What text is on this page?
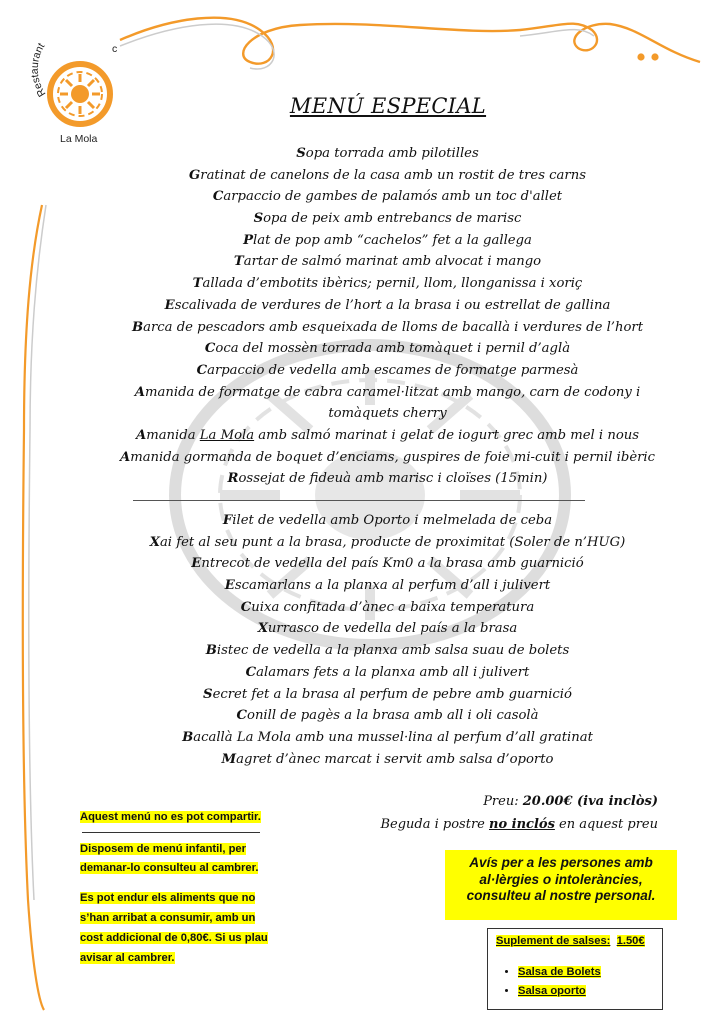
Restaurant	c
La Mola
MENÚ ESPECIAL
Sopa torrada amb pilotilles
Gratinat de canelons de la casa amb un rostit de tres carns
Carpaccio de gambes de palamós amb un toc d'allet
Sopa de peix amb entrebancs de marisc
Plat de pop amb “cachelos” fet a la gallega
Tartar de salmó marinat amb alvocat i mango
Tallada d’embotits ibèrics; pernil, llom, llonganissa i xoriç
Escalivada de verdures de l’hort a la brasa i ou estrellat de gallina
Barca de pescadors amb esqueixada de lloms de bacallà i verdures de l’hort
Coca del mossèn torrada amb tomàquet i pernil d’aglà
Carpaccio de vedella amb escames de formatge parmesà
Amanida de formatge de cabra caramel·litzat amb mango, carn de codony i tomàquets cherry
Amanida La Mola amb salmó marinat i gelat de iogurt grec amb mel i nous
Amanida gormanda de boquet d’enciams, guspires de foie mi-cuit i pernil ibèric
Rossejat de fideuà amb marisc i cloïses (15min)
Filet de vedella amb Oporto i melmelada de ceba
Xai fet al seu punt a la brasa, producte de proximitat (Soler de n’HUG)
Entrecot de vedella del país Km0 a la brasa amb guarnició
Escamarlans a la planxa al perfum d’all i julivert
Cuixa confitada d’ànec a baixa temperatura
Xurrasco de vedella del país a la brasa
Bistec de vedella a la planxa amb salsa suau de bolets
Calamars fets a la planxa amb all i julivert
Secret fet a la brasa al perfum de pebre amb guarnició
Conill de pagès a la brasa amb all i oli casolà
Bacallà La Mola amb una mussel·lina al perfum d’all gratinat
Magret d’ànec marcat i servit amb salsa d’oporto
Preu: 20.00€ (iva inclòs)
Beguda i postre no inclós en aquest preu
Aquest menú no es pot compartir.
Disposem de menú infantil, per
demanar-lo consulteu al cambrer.
Es pot endur els aliments que no
s’han arribat a consumir, amb un
cost addicional de 0,80€. Si us plau
avisar al cambrer.
Avís per a les persones amb
al·lèrgies o intoleràncies,
consulteu al nostre personal.
Suplement de salses: 1.50€
• Salsa de Bolets
• Salsa oporto
